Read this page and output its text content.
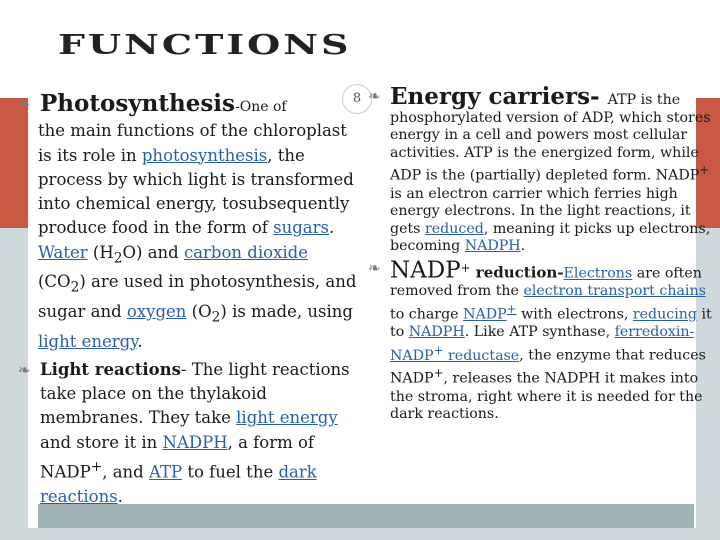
FUNCTIONS
8
❧ Photosynthesis-One of
the main functions of the chloroplast is its role in photosynthesis, the process by which light is transformed into chemical energy, tosubsequently produce food in the form of sugars. Water $(H_2O)$ and carbon dioxide $(CO_2)$ are used in photosynthesis, and sugar and oxygen $(O_2)$ is made, using light energy.
❧ Light reactions- The light reactions take place on the thylakoid membranes. They take light energy and store it in NADPH, a form of NADP+, and ATP to fuel the dark reactions.
❧ Energy carriers- ATP is the phosphorylated version of ADP, which stores energy in a cell and powers most cellular activities. ATP is the energized form, while ADP is the (partially) depleted form. NADP+ is an electron carrier which ferries high energy electrons. In the light reactions, it gets reduced, meaning it picks up electrons, becoming NADPH.
❧ NADP+ reduction-Electrons are often removed from the electron transport chains to charge NADP+ with electrons, reducing it to NADPH. Like ATP synthase, ferredoxin-NADP+ reductase, the enzyme that reduces NADP+, releases the NADPH it makes into the stroma, right where it is needed for the dark reactions.
